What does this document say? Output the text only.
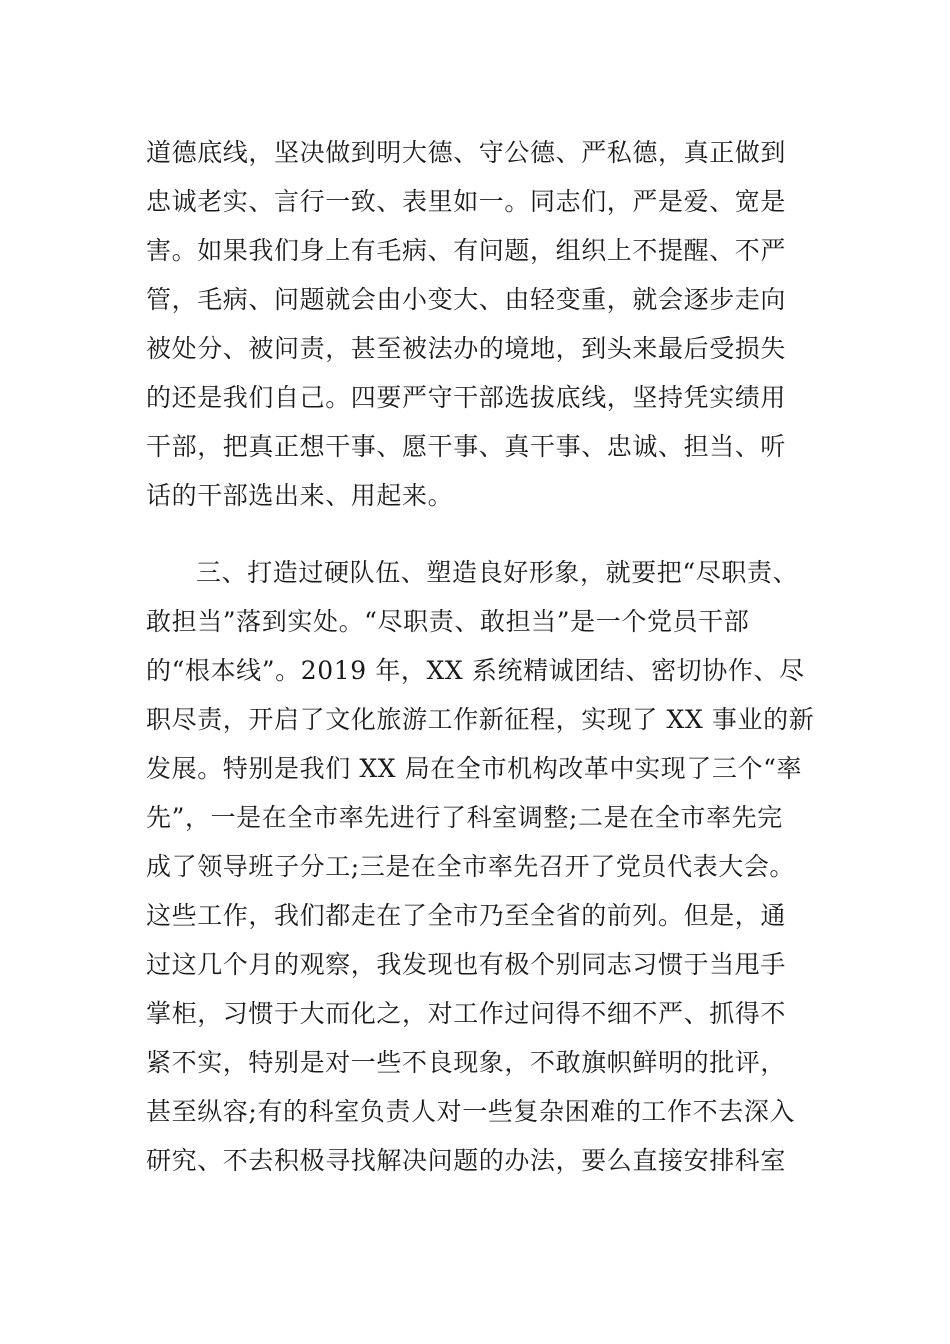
道德底线，坚决做到明大德、守公德、严私德，真正做到
忠诚老实、言行一致、表里如一。同志们，严是爱、宽是
害。如果我们身上有毛病、有问题，组织上不提醒、不严
管，毛病、问题就会由小变大、由轻变重，就会逐步走向
被处分、被问责，甚至被法办的境地，到头来最后受损失
的还是我们自己。四要严守干部选拔底线，坚持凭实绩用
干部，把真正想干事、愿干事、真干事、忠诚、担当、听
话的干部选出来、用起来。

三、打造过硬队伍、塑造良好形象，就要把“尽职责、
敢担当”落到实处。“尽职责、敢担当”是一个党员干部
的“根本线”。2019 年，XX 系统精诚团结、密切协作、尽
职尽责，开启了文化旅游工作新征程，实现了 XX 事业的新
发展。特别是我们 XX 局在全市机构改革中实现了三个“率
先”，一是在全市率先进行了科室调整;二是在全市率先完
成了领导班子分工;三是在全市率先召开了党员代表大会。
这些工作，我们都走在了全市乃至全省的前列。但是，通
过这几个月的观察，我发现也有极个别同志习惯于当甩手
掌柜，习惯于大而化之，对工作过问得不细不严、抓得不
紧不实，特别是对一些不良现象，不敢旗帜鲜明的批评，
甚至纵容;有的科室负责人对一些复杂困难的工作不去深入
研究、不去积极寻找解决问题的办法，要么直接安排科室
